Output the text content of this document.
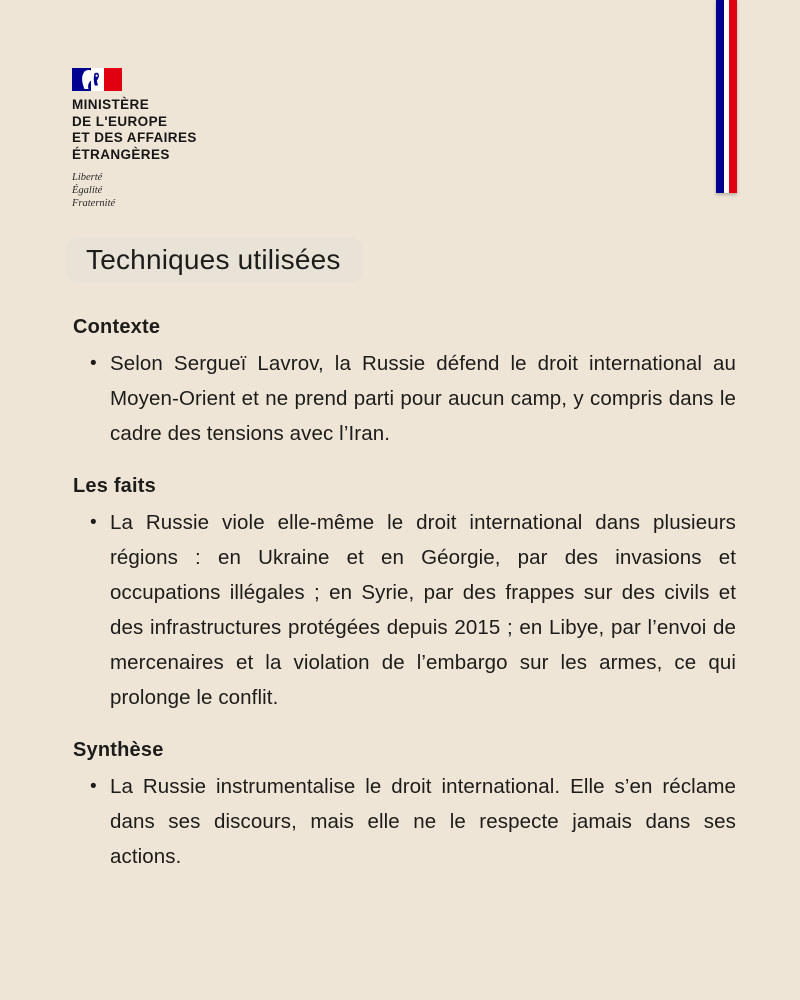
MINISTÈRE
DE L'EUROPE
ET DES AFFAIRES
ÉTRANGÈRES
Liberté
Égalité
Fraternité
Techniques utilisées
Contexte
• Selon Sergueï Lavrov, la Russie défend le droit international au Moyen-Orient et ne prend parti pour aucun camp, y compris dans le cadre des tensions avec l’Iran.
Les faits
• La Russie viole elle-même le droit international dans plusieurs régions : en Ukraine et en Géorgie, par des invasions et occupations illégales ; en Syrie, par des frappes sur des civils et des infrastructures protégées depuis 2015 ; en Libye, par l’envoi de mercenaires et la violation de l’embargo sur les armes, ce qui prolonge le conflit.
Synthèse
• La Russie instrumentalise le droit international. Elle s’en réclame dans ses discours, mais elle ne le respecte jamais dans ses actions.
